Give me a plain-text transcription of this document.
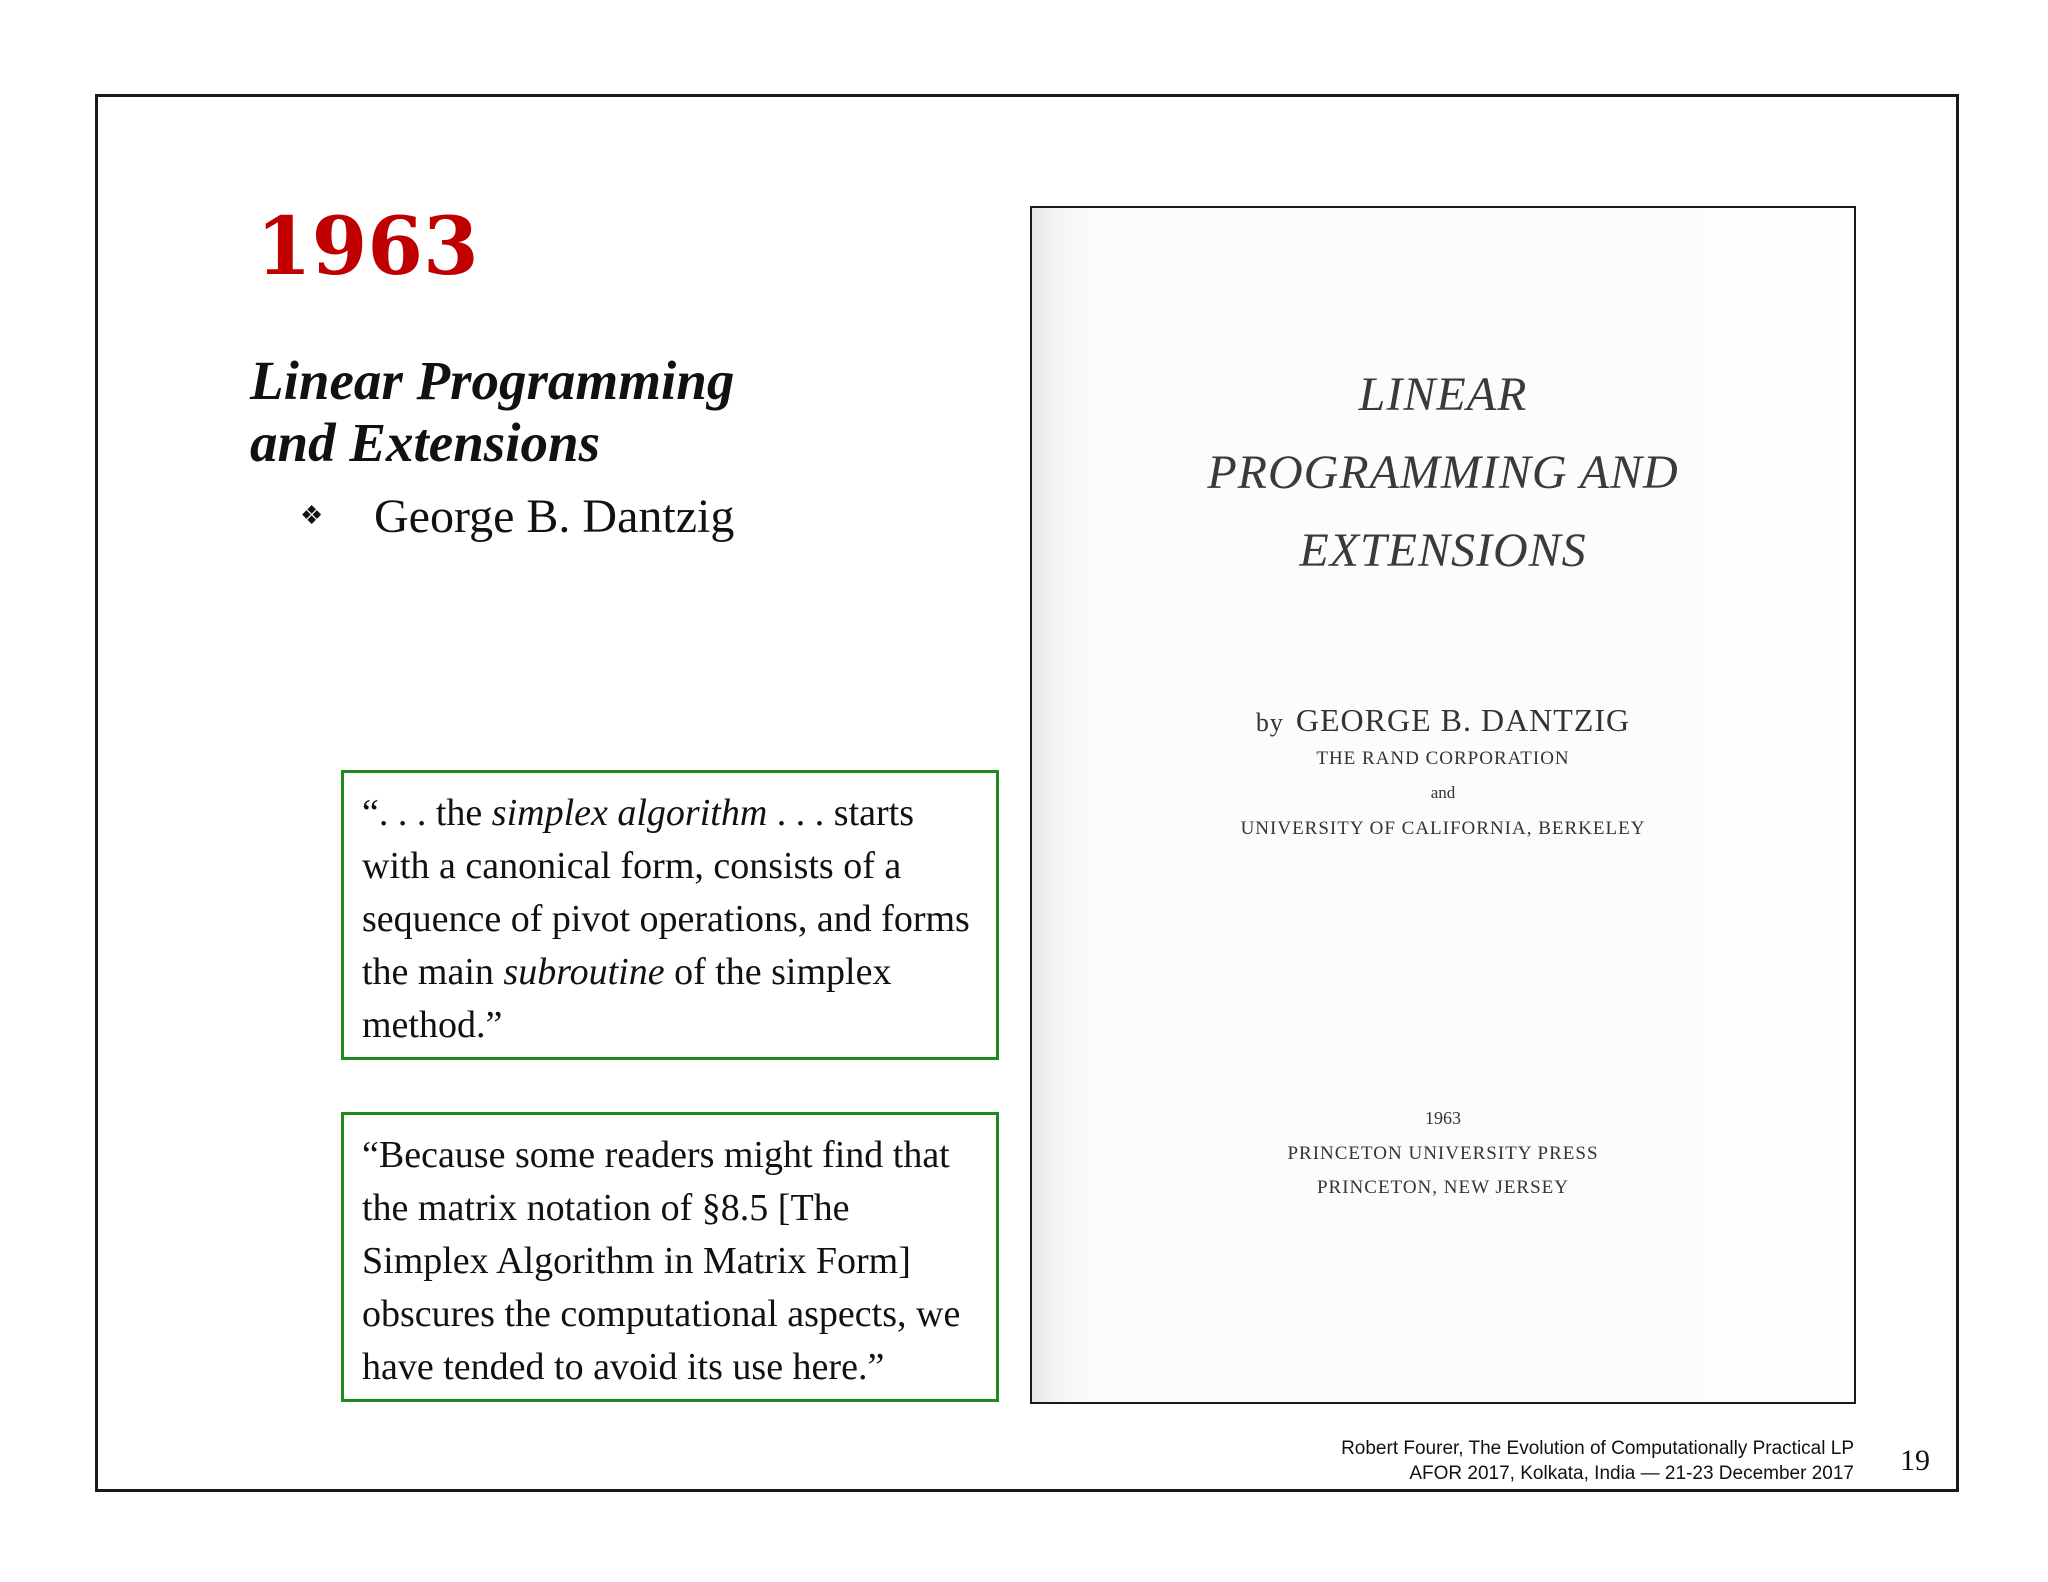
1963
Linear Programming
and Extensions
❖ George B. Dantzig
“. . . the simplex algorithm . . . starts with a canonical form, consists of a sequence of pivot operations, and forms the main subroutine of the simplex method.”
“Because some readers might find that the matrix notation of §8.5 [The Simplex Algorithm in Matrix Form] obscures the computational aspects, we have tended to avoid its use here.”
LINEAR
PROGRAMMING AND
EXTENSIONS
by GEORGE B. DANTZIG
THE RAND CORPORATION
and
UNIVERSITY OF CALIFORNIA, BERKELEY
1963
PRINCETON UNIVERSITY PRESS
PRINCETON, NEW JERSEY
Robert Fourer, The Evolution of Computationally Practical LP
AFOR 2017, Kolkata, India — 21-23 December 2017 19
